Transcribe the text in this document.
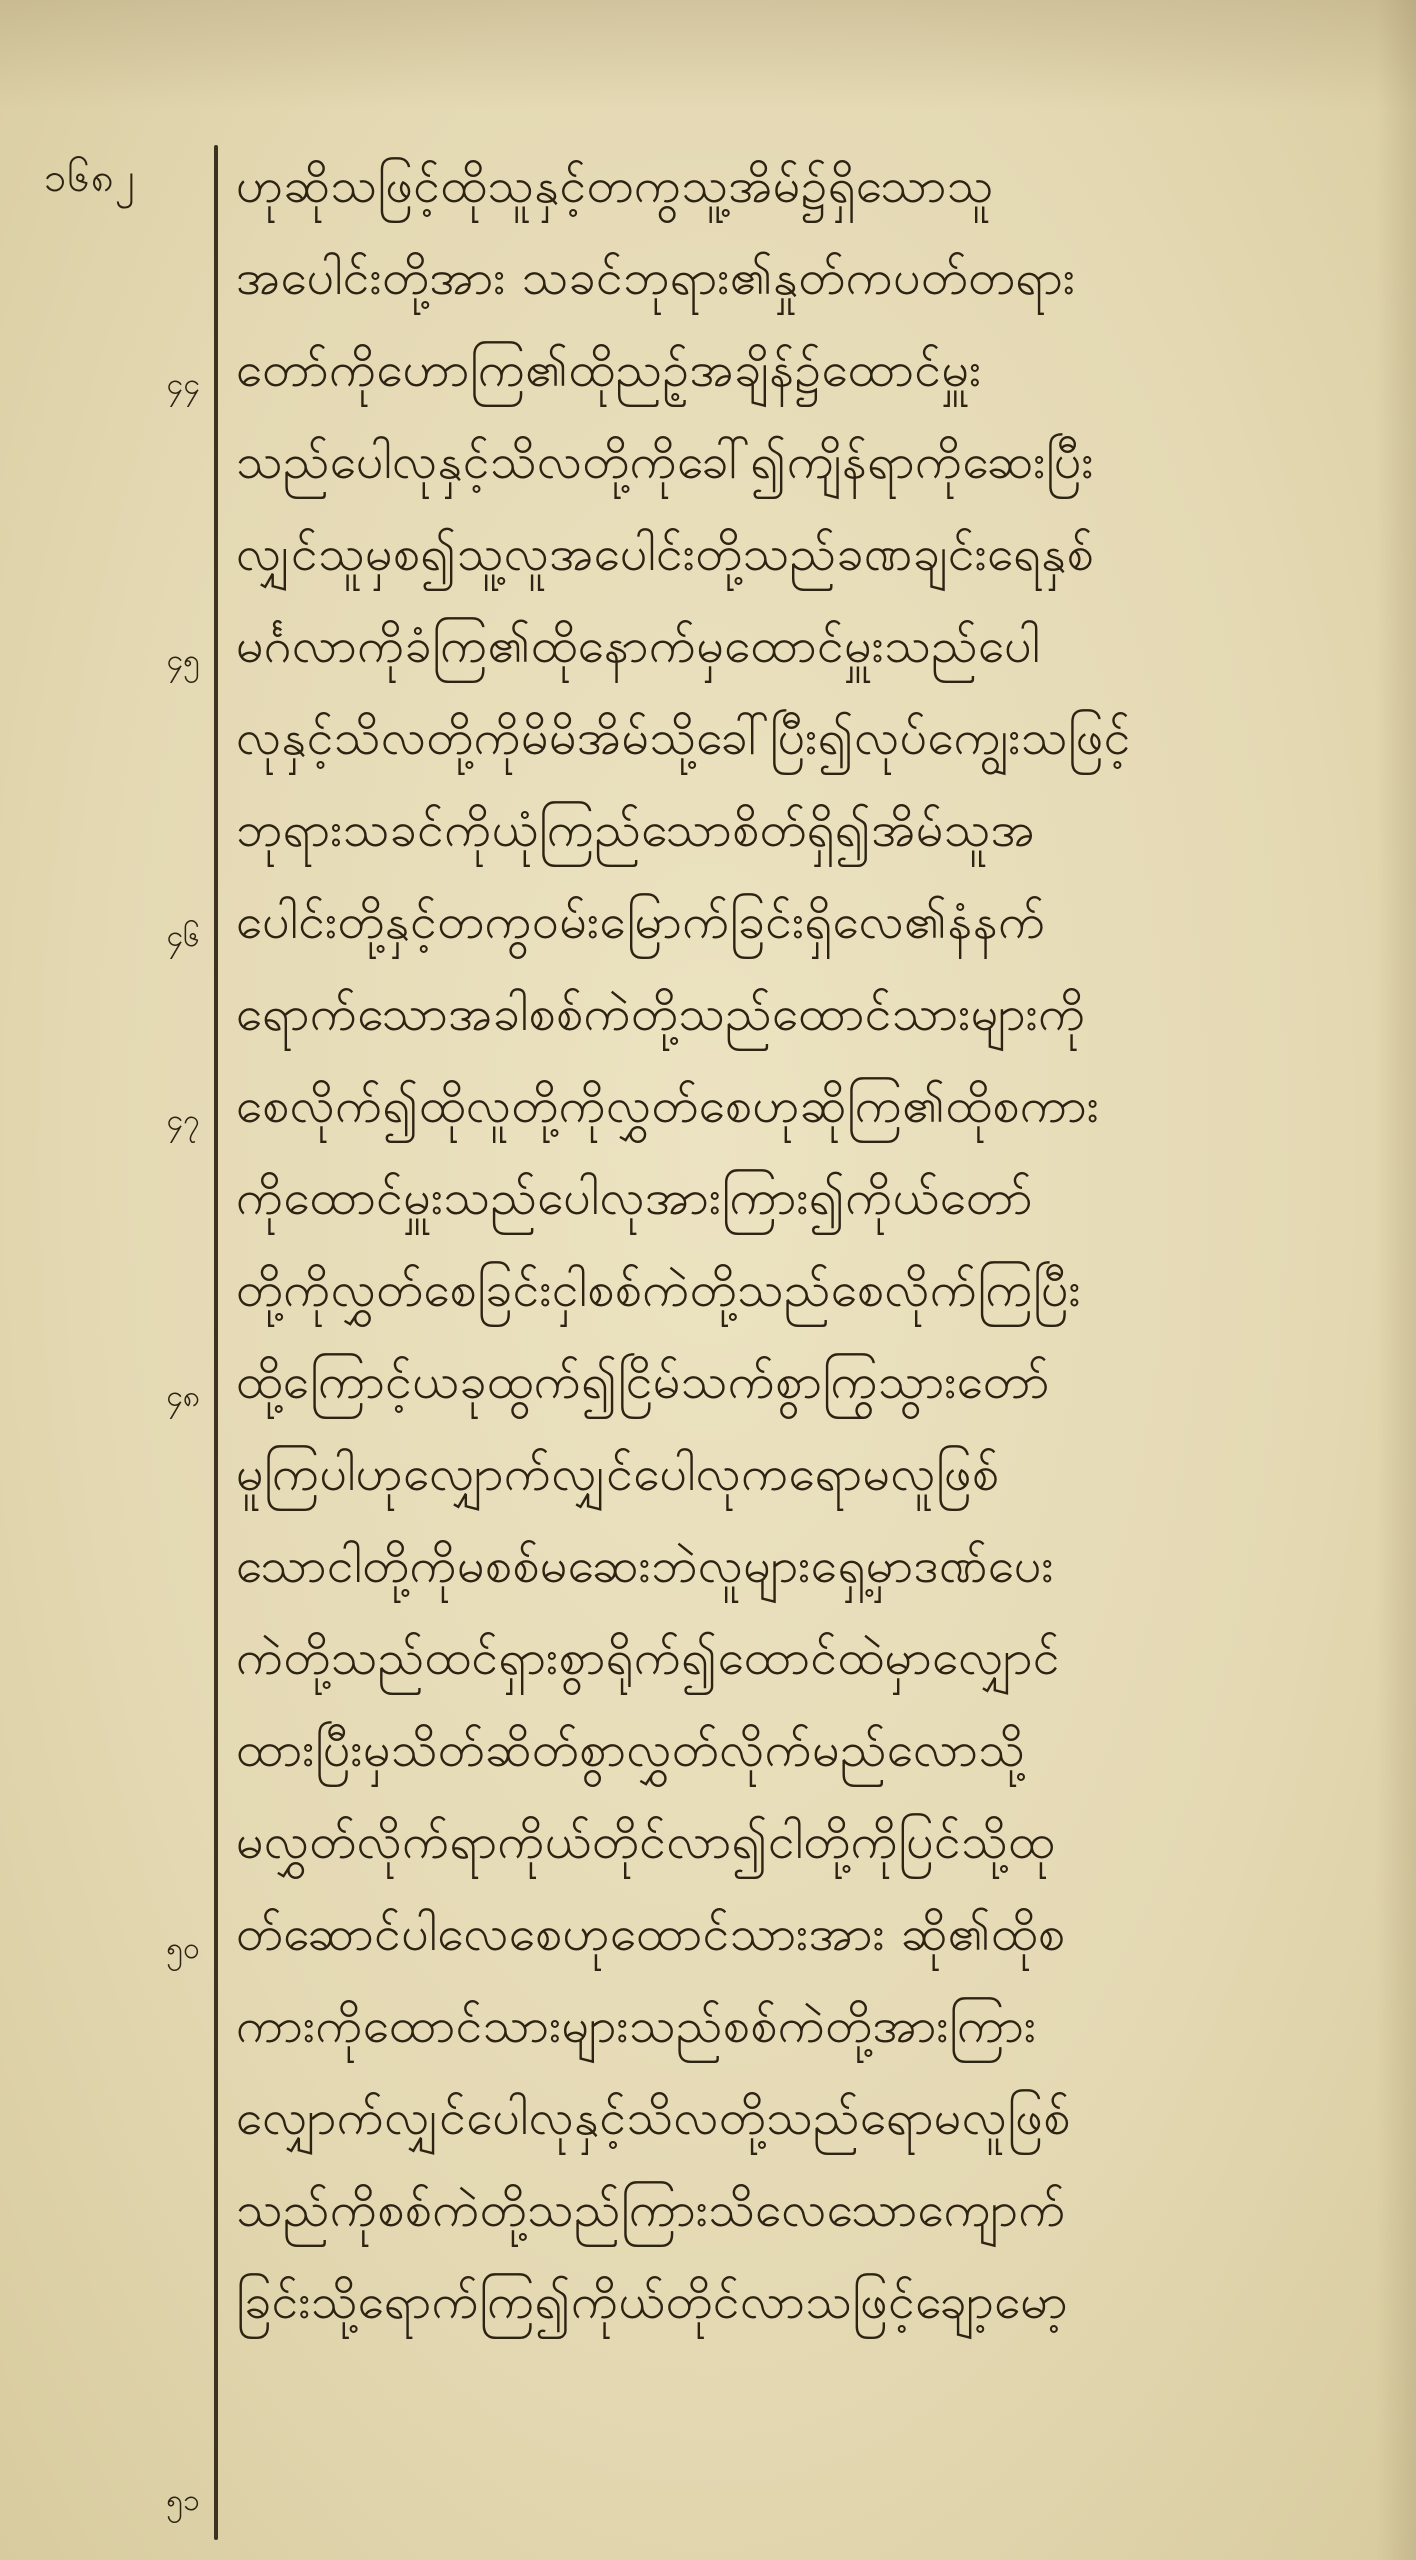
၁၆၈၂
၄၄
၄၅
၄၆
၄၇
၄၈
၅၀
၅၁
ဟုဆိုသဖြင့်ထိုသူနှင့်တကွသူ့အိမ်၌ရှိသောသူ
အပေါင်းတို့အား သခင်ဘုရား၏နှုတ်ကပတ်တရား
တော်ကိုဟောကြ၏ထိုညဥ့်အချိန်၌ထောင်မှူး
သည်ပေါလုနှင့်သိလတို့ကိုခေါ်၍ကျိန်ရာကိုဆေးပြီး
လျှင်သူမှစ၍သူ့လူအပေါင်းတို့သည်ခဏချင်းရေနှစ်
မင်္ဂလာကိုခံကြ၏ထိုနောက်မှထောင်မှူးသည်ပေါ
လုနှင့်သိလတို့ကိုမိမိအိမ်သို့ခေါ်ပြီး၍လုပ်ကျွေးသဖြင့်
ဘုရားသခင်ကိုယုံကြည်သောစိတ်ရှိ၍အိမ်သူအ
ပေါင်းတို့နှင့်တကွဝမ်းမြောက်ခြင်းရှိလေ၏နံနက်
ရောက်သောအခါစစ်ကဲတို့သည်ထောင်သားများကို
စေလိုက်၍ထိုလူတို့ကိုလွှတ်စေဟုဆိုကြ၏ထိုစကား
ကိုထောင်မှူးသည်ပေါလုအားကြား၍ကိုယ်တော်
တို့ကိုလွှတ်စေခြင်းငှါစစ်ကဲတို့သည်စေလိုက်ကြပြီး
ထို့ကြောင့်ယခုထွက်၍ငြိမ်သက်စွာကြွသွားတော်
မူကြပါဟုလျှောက်လျှင်ပေါလုကရောမလူဖြစ်
သောငါတို့ကိုမစစ်မဆေးဘဲလူများရှေ့မှာဒဏ်ပေး
ကဲတို့သည်ထင်ရှားစွာရိုက်၍ထောင်ထဲမှာလျှောင်
ထားပြီးမှသိတ်ဆိတ်စွာလွှတ်လိုက်မည်လောသို့
မလွှတ်လိုက်ရာကိုယ်တိုင်လာ၍ငါတို့ကိုပြင်သို့ထု
တ်ဆောင်ပါလေစေဟုထောင်သားအား ဆို၏ထိုစ
ကားကိုထောင်သားများသည်စစ်ကဲတို့အားကြား
လျှောက်လျှင်ပေါလုနှင့်သိလတို့သည်ရောမလူဖြစ်
သည်ကိုစစ်ကဲတို့သည်ကြားသိလေသောကျောက်
ခြင်းသို့ရောက်ကြ၍ကိုယ်တိုင်လာသဖြင့်ချော့မော့
